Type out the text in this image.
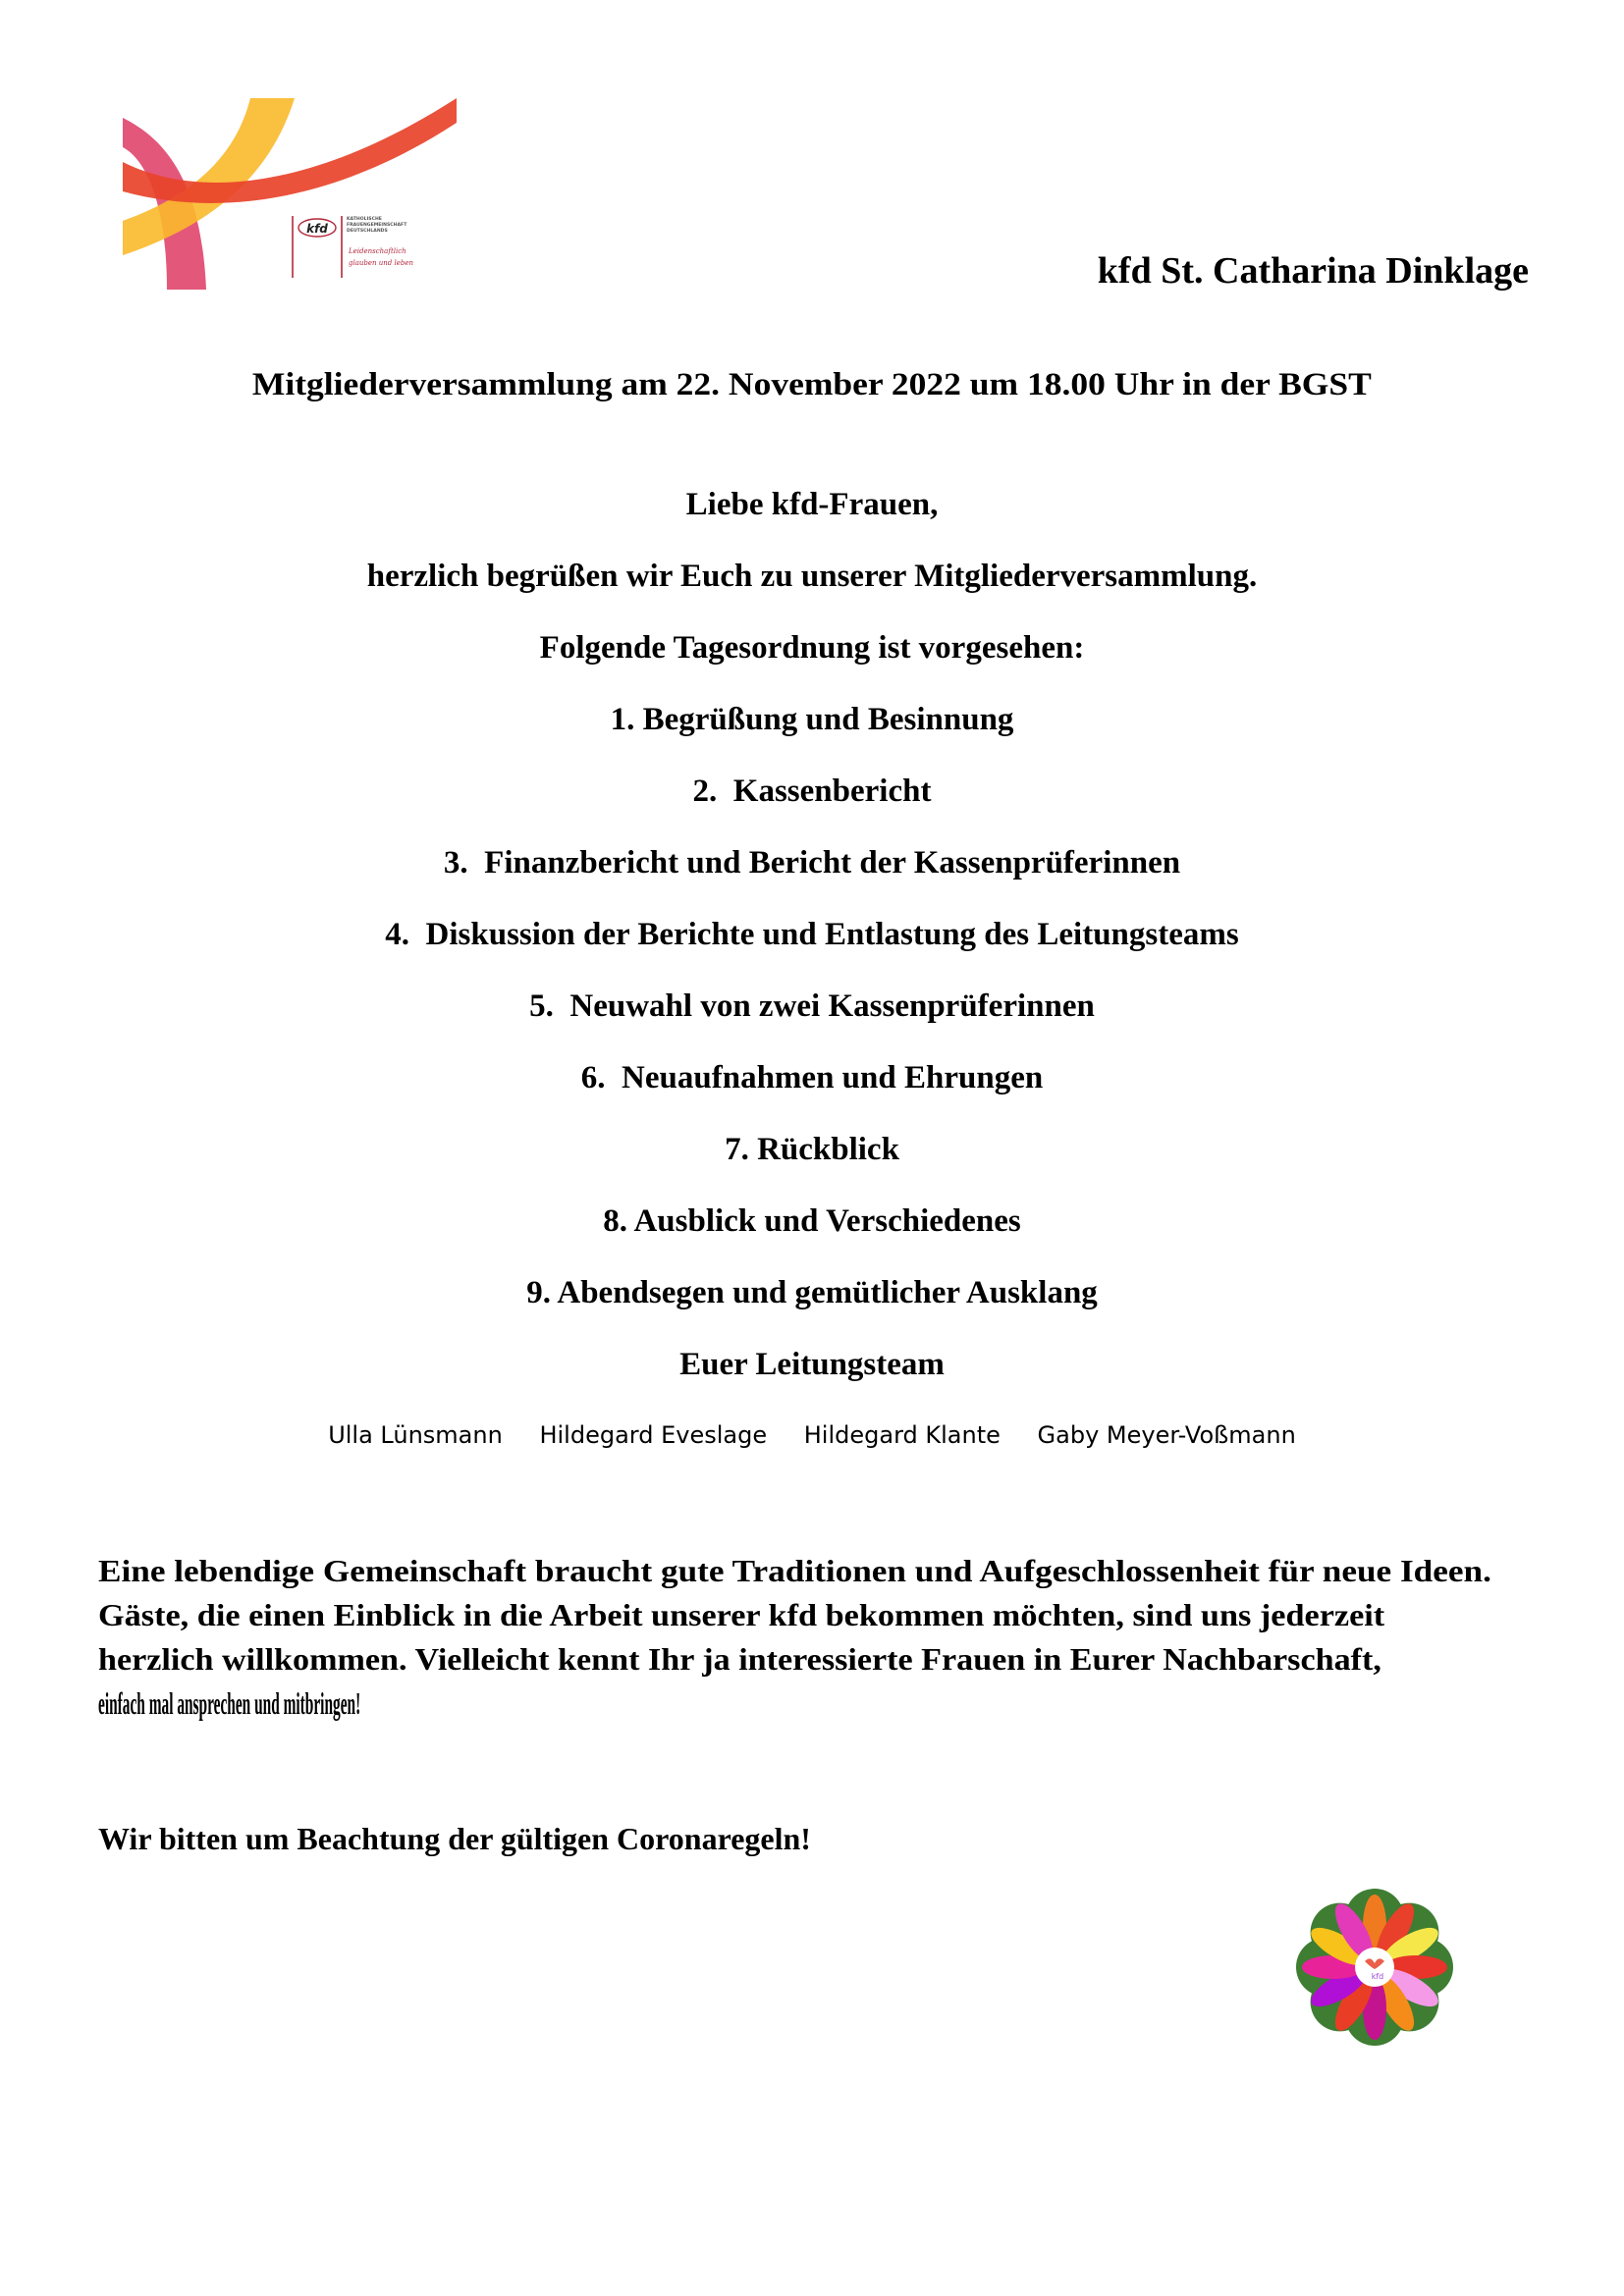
kfd
KATHOLISCHE
FRAUENGEMEINSCHAFT
DEUTSCHLANDS
Leidenschaftlich
glauben und leben	kfd St. Catharina Dinklage
Mitgliederversammlung am 22. November 2022 um 18.00 Uhr in der BGST
Liebe kfd-Frauen,
herzlich begrüßen wir Euch zu unserer Mitgliederversammlung.
Folgende Tagesordnung ist vorgesehen:
1. Begrüßung und Besinnung
2.  Kassenbericht
3.  Finanzbericht und Bericht der Kassenprüferinnen
4.  Diskussion der Berichte und Entlastung des Leitungsteams
5.  Neuwahl von zwei Kassenprüferinnen
6.  Neuaufnahmen und Ehrungen
7. Rückblick
8. Ausblick und Verschiedenes
9. Abendsegen und gemütlicher Ausklang
Euer Leitungsteam
Ulla Lünsmann Hildegard Eveslage Hildegard Klante Gaby Meyer-Voßmann
Eine lebendige Gemeinschaft braucht gute Traditionen und Aufgeschlossenheit für neue Ideen.
Gäste, die einen Einblick in die Arbeit unserer kfd bekommen möchten, sind uns jederzeit
herzlich willkommen. Vielleicht kennt Ihr ja interessierte Frauen in Eurer Nachbarschaft,
einfach mal ansprechen und mitbringen!
Wir bitten um Beachtung der gültigen Coronaregeln!
kfd
